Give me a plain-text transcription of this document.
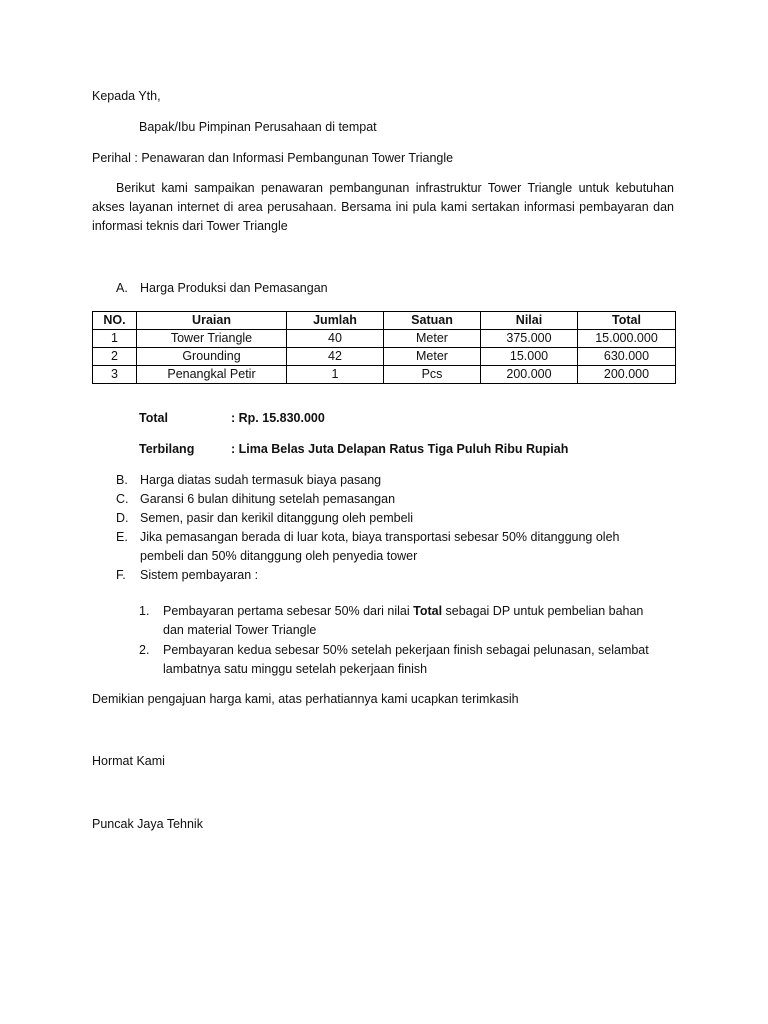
Kepada Yth,
Bapak/Ibu Pimpinan Perusahaan di tempat
Perihal : Penawaran dan Informasi Pembangunan Tower Triangle
Berikut kami sampaikan penawaran pembangunan infrastruktur Tower Triangle untuk kebutuhan akses layanan internet di area perusahaan. Bersama ini pula kami sertakan informasi pembayaran dan informasi teknis dari Tower Triangle
A. Harga Produksi dan Pemasangan
NO.	Uraian	Jumlah	Satuan	Nilai	Total
1	Tower Triangle	40	Meter	375.000	15.000.000
2	Grounding	42	Meter	15.000	630.000
3	Penangkal Petir	1	Pcs	200.000	200.000
Total	: Rp. 15.830.000
Terbilang	: Lima Belas Juta Delapan Ratus Tiga Puluh Ribu Rupiah
B. Harga diatas sudah termasuk biaya pasang
C. Garansi 6 bulan dihitung setelah pemasangan
D. Semen, pasir dan kerikil ditanggung oleh pembeli
E. Jika pemasangan berada di luar kota, biaya transportasi sebesar 50% ditanggung oleh pembeli dan 50% ditanggung oleh penyedia tower
F. Sistem pembayaran :
1. Pembayaran pertama sebesar 50% dari nilai Total sebagai DP untuk pembelian bahan dan material Tower Triangle
2. Pembayaran kedua sebesar 50% setelah pekerjaan finish sebagai pelunasan, selambat lambatnya satu minggu setelah pekerjaan finish
Demikian pengajuan harga kami, atas perhatiannya kami ucapkan terimkasih
Hormat Kami
Puncak Jaya Tehnik
